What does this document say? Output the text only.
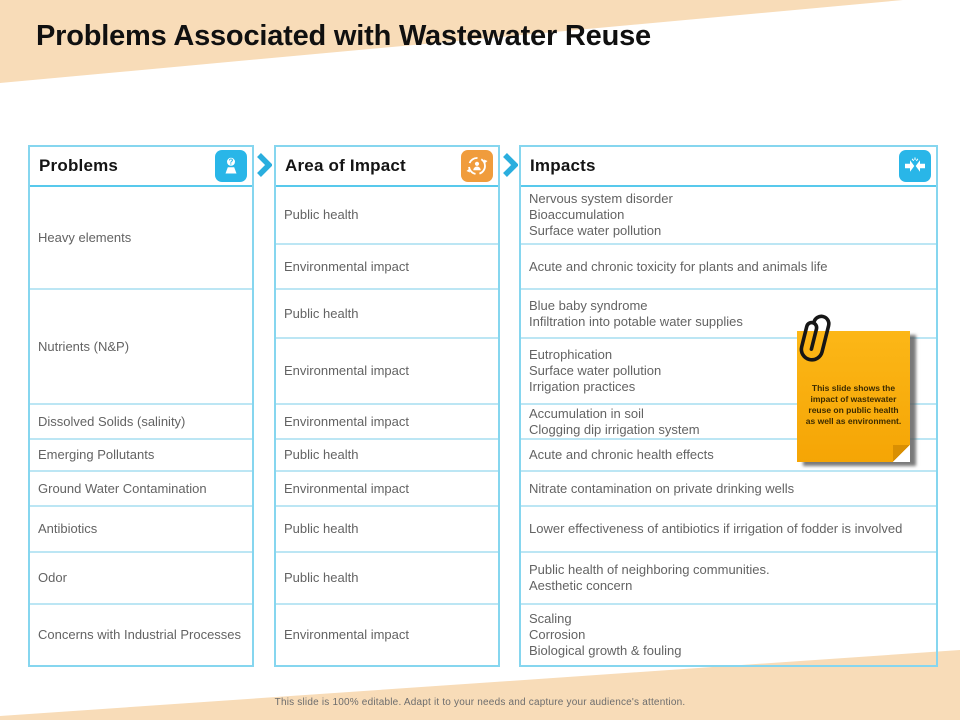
Problems Associated with Wastewater Reuse
Problems	?
Heavy elements
Nutrients (N&P)
Dissolved Solids (salinity)
Emerging Pollutants
Ground Water Contamination
Antibiotics
Odor
Concerns with Industrial Processes
Area of Impact
Public health
Environmental impact
Public health
Environmental impact
Environmental impact
Public health
Environmental impact
Public health
Public health
Environmental impact
Impacts
Nervous system disorder
Bioaccumulation
Surface water pollution
Acute and chronic toxicity for plants and animals life
Blue baby syndrome
Infiltration into potable water supplies
Eutrophication
Surface water pollution
Irrigation practices
Accumulation in soil
Clogging dip irrigation system
Acute and chronic health effects
Nitrate contamination on private drinking wells
Lower effectiveness of antibiotics if irrigation of fodder is involved
Public health of neighboring communities.
Aesthetic concern
Scaling
Corrosion
Biological growth & fouling
This slide shows the impact of wastewater reuse on public health as well as environment.
This slide is 100% editable. Adapt it to your needs and capture your audience's attention.
